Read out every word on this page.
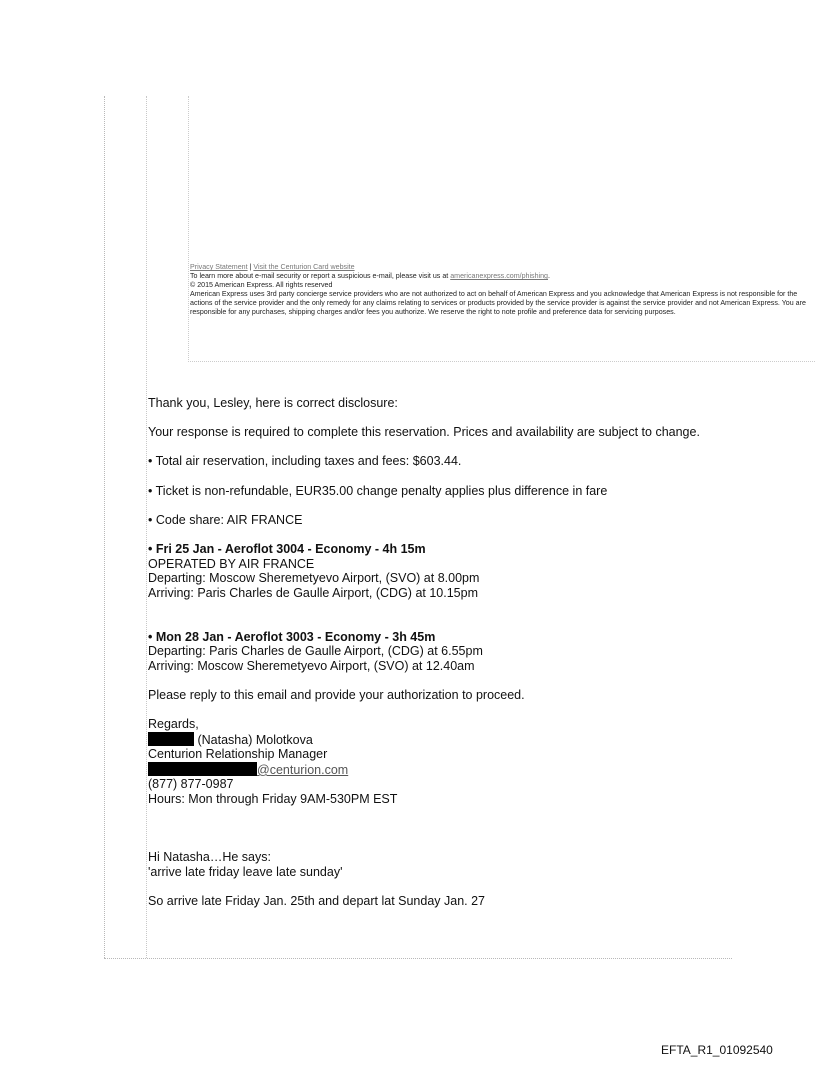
Privacy Statement | Visit the Centurion Card website
To learn more about e-mail security or report a suspicious e-mail, please visit us at americanexpress.com/phishing.
© 2015 American Express. All rights reserved
American Express uses 3rd party concierge service providers who are not authorized to act on behalf of American Express and you acknowledge that American Express is not responsible for the
actions of the service provider and the only remedy for any claims relating to services or products provided by the service provider is against the service provider and not American Express. You are
responsible for any purchases, shipping charges and/or fees you authorize. We reserve the right to note profile and preference data for servicing purposes.

Thank you, Lesley, here is correct disclosure:

Your response is required to complete this reservation. Prices and availability are subject to change.

• Total air reservation, including taxes and fees: $603.44.

• Ticket is non-refundable, EUR35.00 change penalty applies plus difference in fare

• Code share: AIR FRANCE

• Fri 25 Jan - Aeroflot 3004 - Economy - 4h 15m

OPERATED BY AIR FRANCE

Departing: Moscow Sheremetyevo Airport, (SVO) at 8.00pm

Arriving: Paris Charles de Gaulle Airport, (CDG) at 10.15pm

• Mon 28 Jan - Aeroflot 3003 - Economy - 3h 45m

Departing: Paris Charles de Gaulle Airport, (CDG) at 6.55pm

Arriving: Moscow Sheremetyevo Airport, (SVO) at 12.40am

Please reply to this email and provide your authorization to proceed.

Regards,

(Natasha) Molotkova

Centurion Relationship Manager

@centurion.com

(877) 877-0987

Hours: Mon through Friday 9AM-530PM EST

Hi Natasha…He says:

'arrive late friday leave late sunday'

So arrive late Friday Jan. 25th and depart lat Sunday Jan. 27

EFTA_R1_01092540
